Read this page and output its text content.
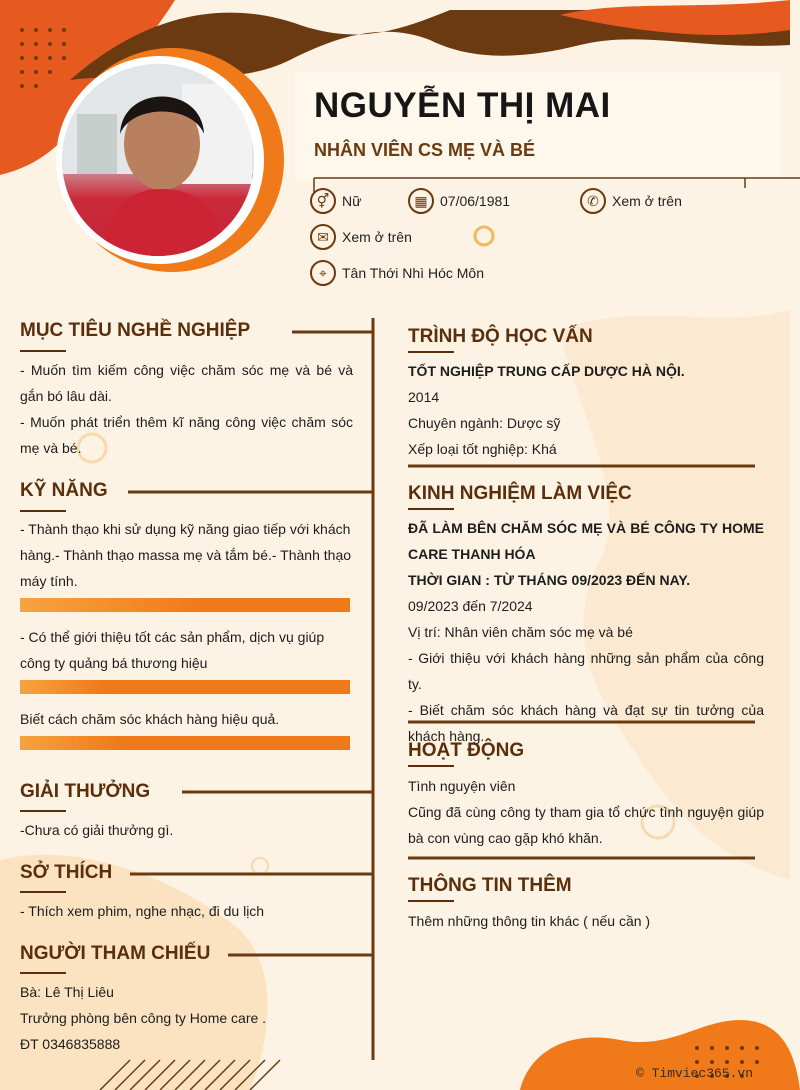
NGUYỄN THỊ MAI
NHÂN VIÊN CS MẸ VÀ BÉ
⚥ Nữ	▦ 07/06/1981	✆ Xem ở trên
✉ Xem ở trên
⌖	Tân Thới Nhì Hóc Môn
MỤC TIÊU NGHỀ NGHIỆP
- Muốn tìm kiếm công việc chăm sóc mẹ và bé và gắn bó lâu dài.
- Muốn phát triển thêm kĩ năng công việc chăm sóc mẹ và bé.
KỸ NĂNG
- Thành thạo khi sử dụng kỹ năng giao tiếp với khách hàng.- Thành thạo massa mẹ và tắm bé.- Thành thạo máy tính.
- Có thể giới thiệu tốt các sản phẩm, dịch vụ giúp công ty quảng bá thương hiệu
Biết cách chăm sóc khách hàng hiệu quả.
GIẢI THƯỞNG
-Chưa có giải thưởng gì.
SỞ THÍCH
- Thích xem phim, nghe nhạc, đi du lịch
NGƯỜI THAM CHIẾU
Bà: Lê Thị Liêu
Trưởng phòng bên công ty Home care .
ĐT 0346835888
TRÌNH ĐỘ HỌC VẤN
TỐT NGHIỆP TRUNG CẤP DƯỢC HÀ NỘI.
2014
Chuyên ngành: Dược sỹ
Xếp loại tốt nghiệp: Khá
KINH NGHIỆM LÀM VIỆC
ĐÃ LÀM BÊN CHĂM SÓC MẸ VÀ BÉ CÔNG TY HOME CARE THANH HÓA
THỜI GIAN : TỪ THÁNG 09/2023 ĐẾN NAY.
09/2023 đến 7/2024
Vị trí: Nhân viên chăm sóc mẹ và bé
- Giới thiệu với khách hàng những sản phẩm của công ty.
- Biết chăm sóc khách hàng và đạt sự tin tưởng của khách hàng.
HOẠT ĐỘNG
Tình nguyện viên
Cũng đã cùng công ty tham gia tổ chức tình nguyện giúp bà con vùng cao gặp khó khăn.
THÔNG TIN THÊM
Thêm những thông tin khác ( nếu cần )
© Timviec365.vn
